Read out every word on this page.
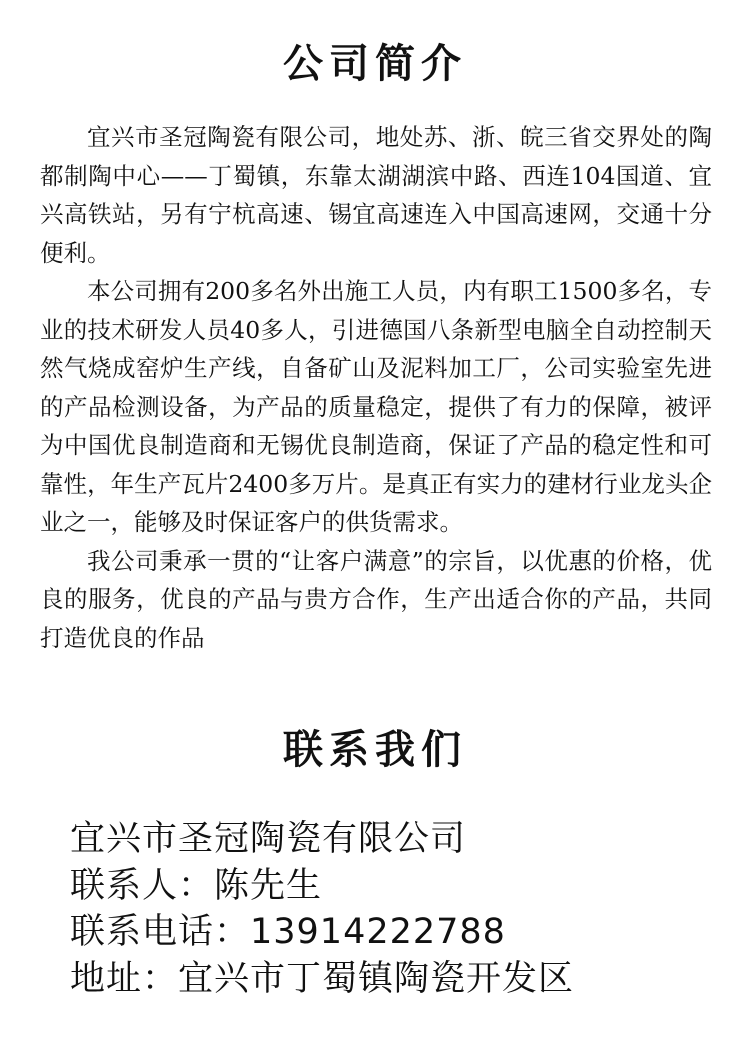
公司简介

宜兴市圣冠陶瓷有限公司，地处苏、浙、皖三省交界处的陶都制陶中心——丁蜀镇，东靠太湖湖滨中路、西连104国道、宜兴高铁站，另有宁杭高速、锡宜高速连入中国高速网，交通十分便利。

本公司拥有200多名外出施工人员，内有职工1500多名，专业的技术研发人员40多人，引进德国八条新型电脑全自动控制天然气烧成窑炉生产线，自备矿山及泥料加工厂，公司实验室先进的产品检测设备，为产品的质量稳定，提供了有力的保障，被评为中国优良制造商和无锡优良制造商，保证了产品的稳定性和可靠性，年生产瓦片2400多万片。是真正有实力的建材行业龙头企业之一，能够及时保证客户的供货需求。

我公司秉承一贯的“让客户满意”的宗旨，以优惠的价格，优良的服务，优良的产品与贵方合作，生产出适合你的产品，共同打造优良的作品

联系我们
宜兴市圣冠陶瓷有限公司
联系人：陈先生
联系电话：13914222788
地址：宜兴市丁蜀镇陶瓷开发区
